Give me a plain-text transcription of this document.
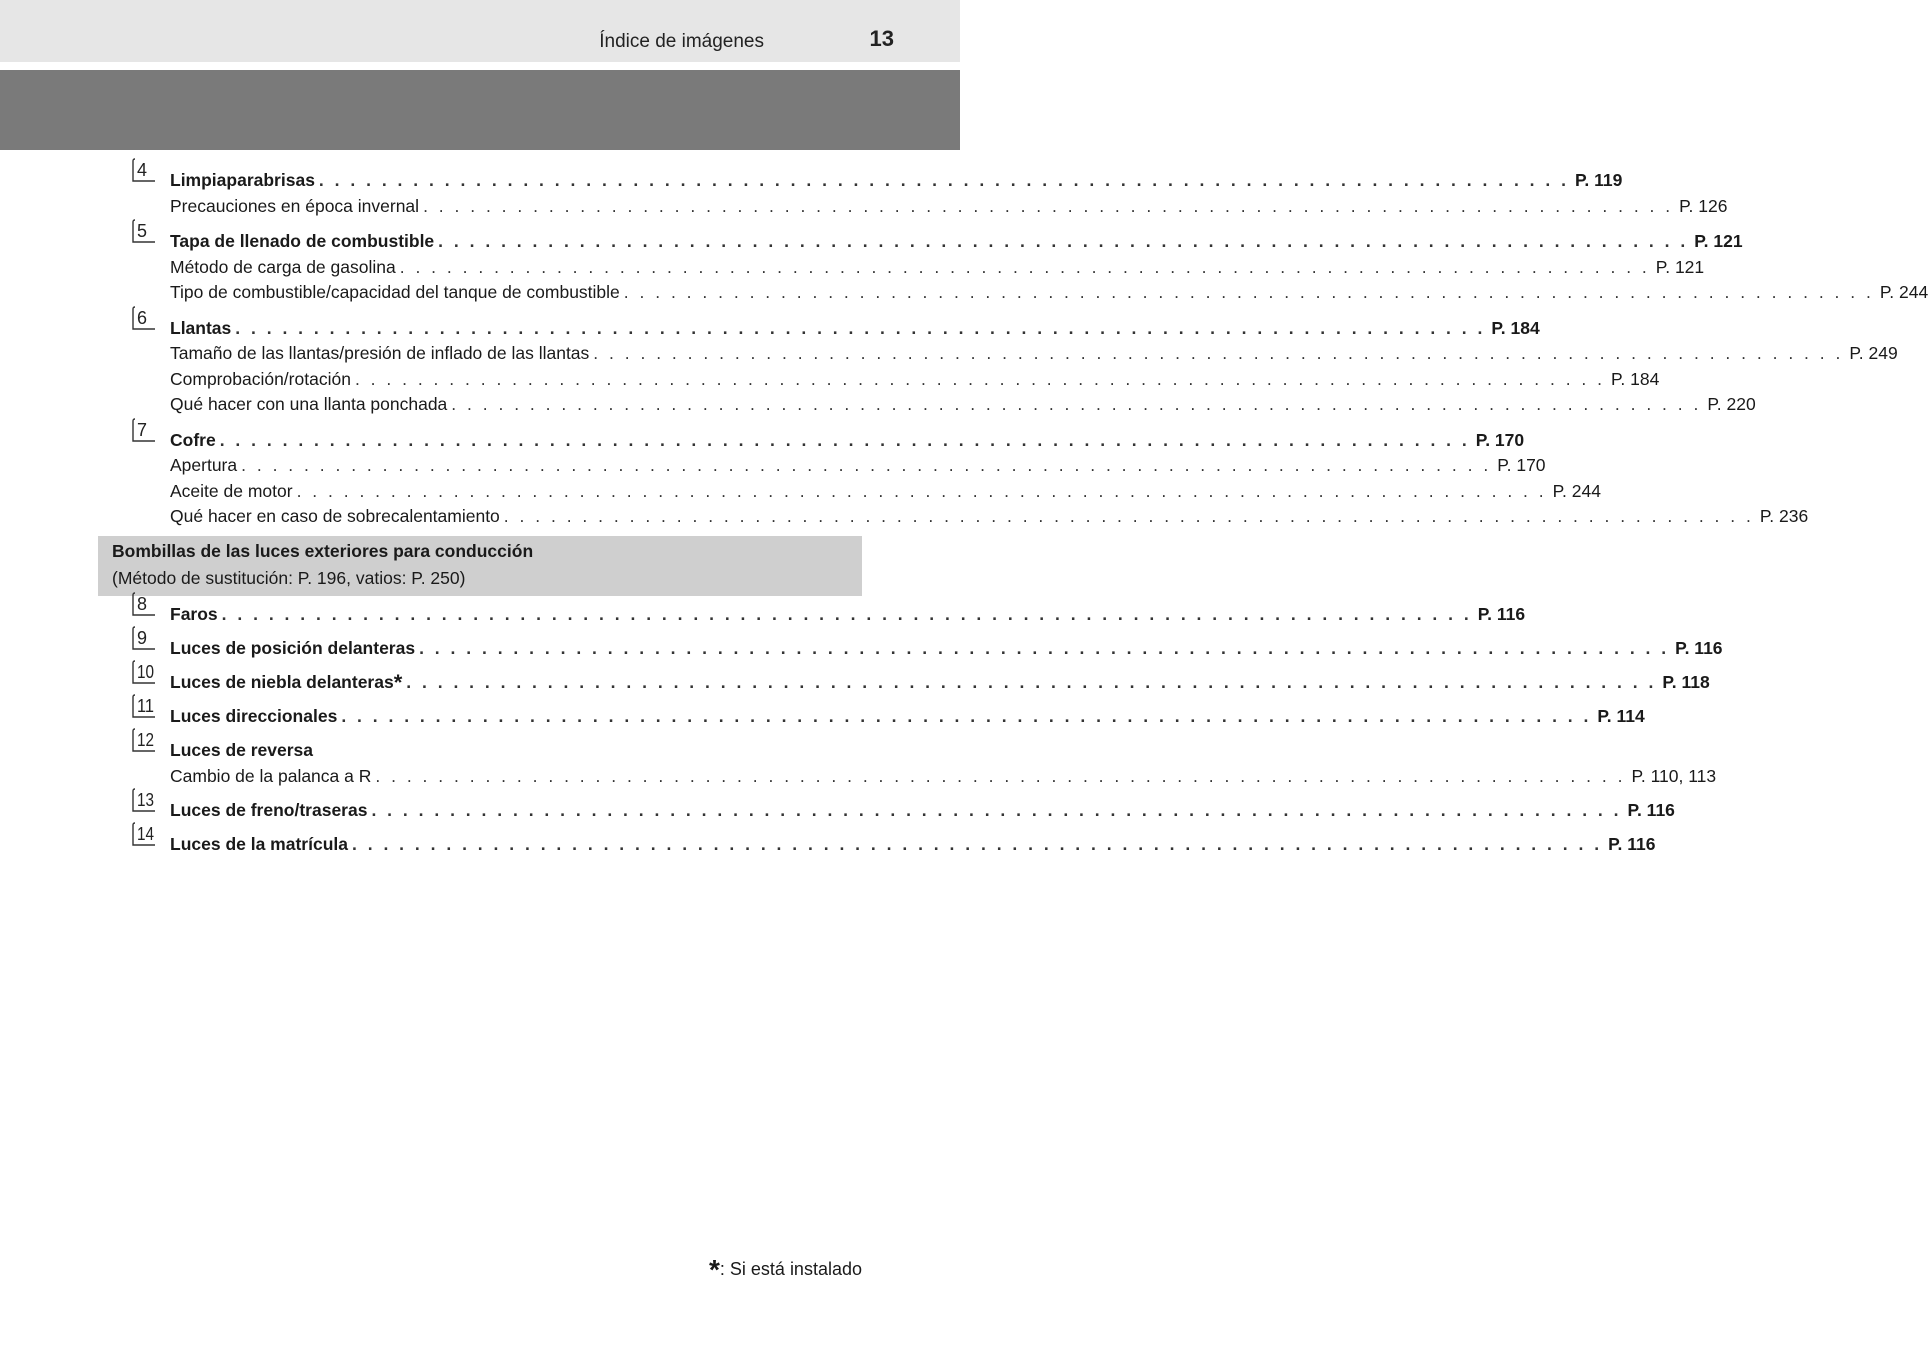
Índice de imágenes	13
4 Limpiaparabrisas . . . . . . . . . . . . . . . . . . . . . . . . . . . . . . . . . . . . . . . . . . . . . . . . . . . . . . . . . . . . . . . . . . . . . . . . . . . . . . . . P. 119
Precauciones en época invernal . . . . . . . . . . . . . . . . . . . . . . . . . . . . . . . . . . . . . . . . . . . . . . . . . . . . . . . . . . . . . . . . . . . . . . . . . . . . . . . . P. 126
5 Tapa de llenado de combustible . . . . . . . . . . . . . . . . . . . . . . . . . . . . . . . . . . . . . . . . . . . . . . . . . . . . . . . . . . . . . . . . . . . . . . . . . . . . . . . . P. 121
Método de carga de gasolina . . . . . . . . . . . . . . . . . . . . . . . . . . . . . . . . . . . . . . . . . . . . . . . . . . . . . . . . . . . . . . . . . . . . . . . . . . . . . . . . P. 121
Tipo de combustible/capacidad del tanque de combustible . . . . . . . . . . . . . . . . . . . . . . . . . . . . . . . . . . . . . . . . . . . . . . . . . . . . . . . . . . . . . . . . . . . . . . . . . . . . . . . . P. 244
6 Llantas . . . . . . . . . . . . . . . . . . . . . . . . . . . . . . . . . . . . . . . . . . . . . . . . . . . . . . . . . . . . . . . . . . . . . . . . . . . . . . . . P. 184
Tamaño de las llantas/presión de inflado de las llantas . . . . . . . . . . . . . . . . . . . . . . . . . . . . . . . . . . . . . . . . . . . . . . . . . . . . . . . . . . . . . . . . . . . . . . . . . . . . . . . . P. 249
Comprobación/rotación . . . . . . . . . . . . . . . . . . . . . . . . . . . . . . . . . . . . . . . . . . . . . . . . . . . . . . . . . . . . . . . . . . . . . . . . . . . . . . . . P. 184
Qué hacer con una llanta ponchada . . . . . . . . . . . . . . . . . . . . . . . . . . . . . . . . . . . . . . . . . . . . . . . . . . . . . . . . . . . . . . . . . . . . . . . . . . . . . . . . P. 220
7 Cofre . . . . . . . . . . . . . . . . . . . . . . . . . . . . . . . . . . . . . . . . . . . . . . . . . . . . . . . . . . . . . . . . . . . . . . . . . . . . . . . . P. 170
Apertura . . . . . . . . . . . . . . . . . . . . . . . . . . . . . . . . . . . . . . . . . . . . . . . . . . . . . . . . . . . . . . . . . . . . . . . . . . . . . . . . P. 170
Aceite de motor . . . . . . . . . . . . . . . . . . . . . . . . . . . . . . . . . . . . . . . . . . . . . . . . . . . . . . . . . . . . . . . . . . . . . . . . . . . . . . . . P. 244
Qué hacer en caso de sobrecalentamiento . . . . . . . . . . . . . . . . . . . . . . . . . . . . . . . . . . . . . . . . . . . . . . . . . . . . . . . . . . . . . . . . . . . . . . . . . . . . . . . . P. 236
Bombillas de las luces exteriores para conducción
(Método de sustitución: P. 196, vatios: P. 250)
8 Faros . . . . . . . . . . . . . . . . . . . . . . . . . . . . . . . . . . . . . . . . . . . . . . . . . . . . . . . . . . . . . . . . . . . . . . . . . . . . . . . . P. 116
9 Luces de posición delanteras . . . . . . . . . . . . . . . . . . . . . . . . . . . . . . . . . . . . . . . . . . . . . . . . . . . . . . . . . . . . . . . . . . . . . . . . . . . . . . . . P. 116
10 Luces de niebla delanteras* . . . . . . . . . . . . . . . . . . . . . . . . . . . . . . . . . . . . . . . . . . . . . . . . . . . . . . . . . . . . . . . . . . . . . . . . . . . . . . . . P. 118
11 Luces direccionales . . . . . . . . . . . . . . . . . . . . . . . . . . . . . . . . . . . . . . . . . . . . . . . . . . . . . . . . . . . . . . . . . . . . . . . . . . . . . . . . P. 114
12 Luces de reversa
Cambio de la palanca a R . . . . . . . . . . . . . . . . . . . . . . . . . . . . . . . . . . . . . . . . . . . . . . . . . . . . . . . . . . . . . . . . . . . . . . . . . . . . . . . . P. 110, 113
13 Luces de freno/traseras . . . . . . . . . . . . . . . . . . . . . . . . . . . . . . . . . . . . . . . . . . . . . . . . . . . . . . . . . . . . . . . . . . . . . . . . . . . . . . . . P. 116
14 Luces de la matrícula . . . . . . . . . . . . . . . . . . . . . . . . . . . . . . . . . . . . . . . . . . . . . . . . . . . . . . . . . . . . . . . . . . . . . . . . . . . . . . . . P. 116
*: Si está instalado
